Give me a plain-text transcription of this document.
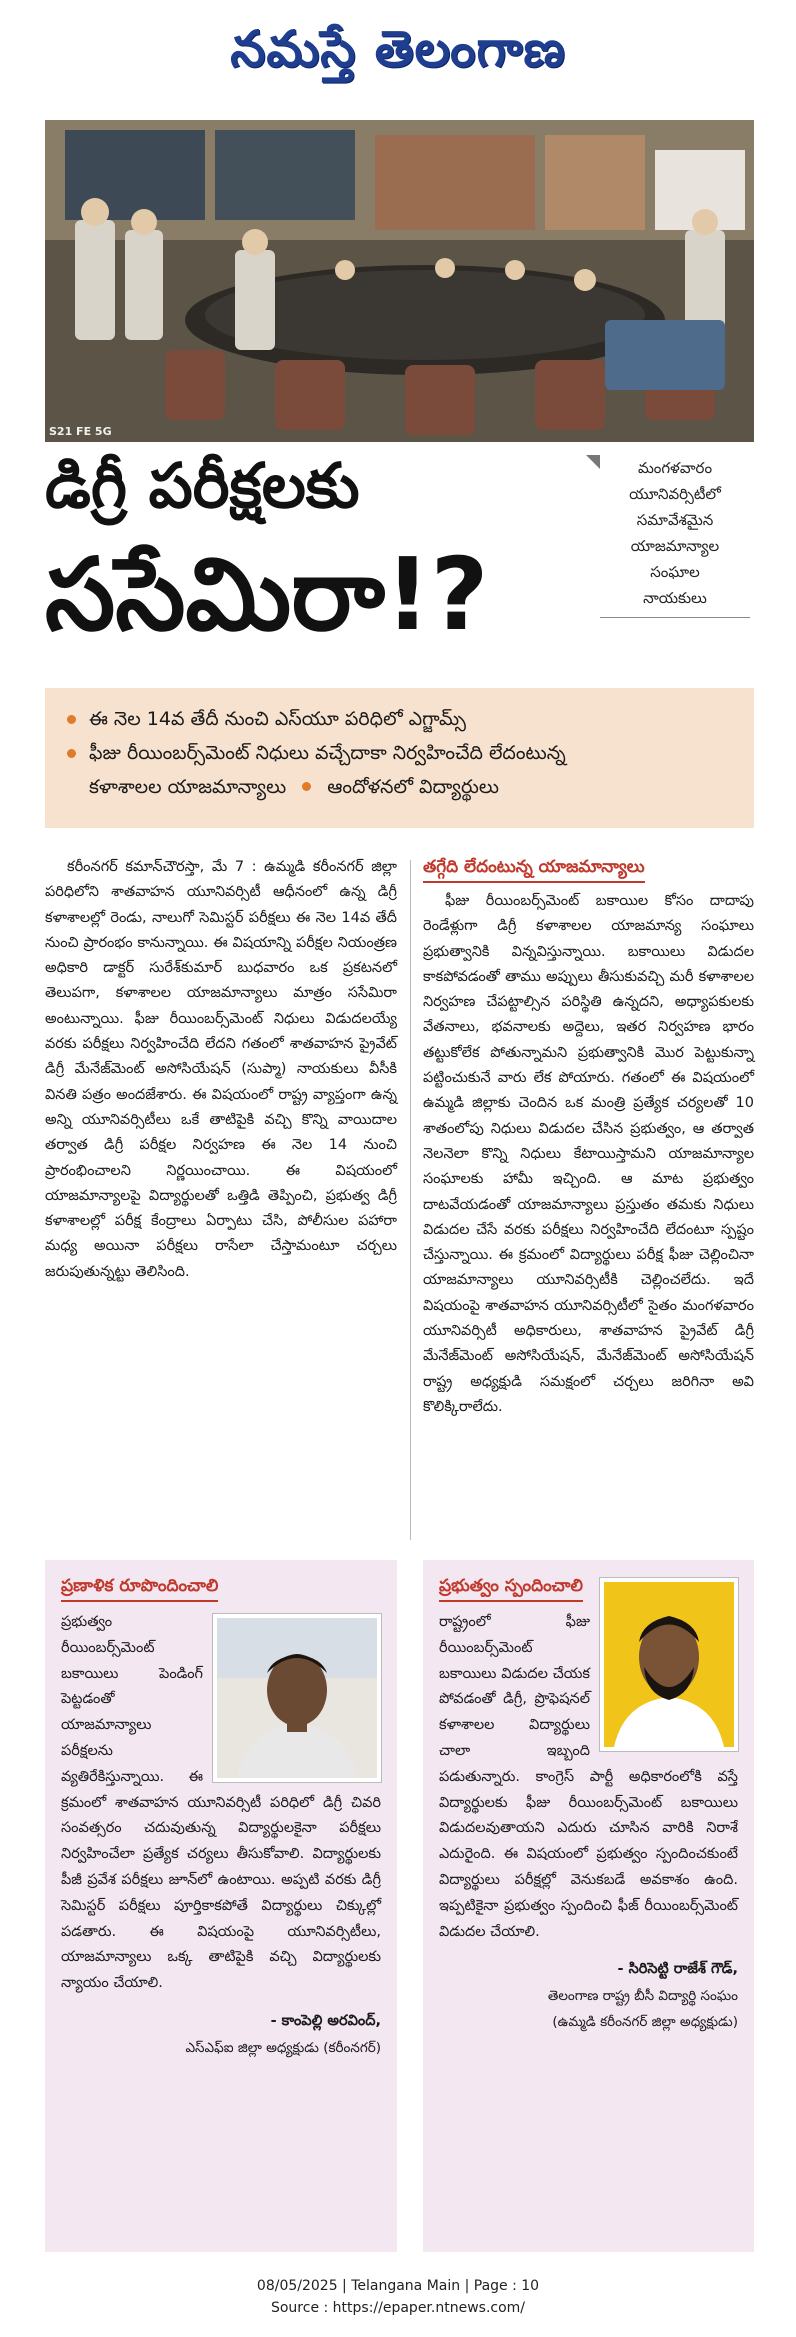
నమస్తే తెలంగాణ
S21 FE 5G
డిగ్రీ పరీక్షలకు
ససేమిరా!?
మంగళవారం
యూనివర్సిటీలో
సమావేశమైన
యాజమాన్యాల
సంఘాల
నాయకులు
ఈ నెల 14వ తేదీ నుంచి ఎస్‌యూ పరిధిలో ఎగ్జామ్స్
ఫీజు రీయింబర్స్‌మెంట్ నిధులు వచ్చేదాకా నిర్వహించేది లేదంటున్న
కళాశాలల యాజమాన్యాలు ఆందోళనలో విద్యార్థులు

కరీంనగర్ కమాన్‌చౌరస్తా, మే 7 : ఉమ్మడి కరీంనగర్ జిల్లా పరిధిలోని శాతవాహన యూనివర్సిటీ ఆధీనంలో ఉన్న డిగ్రీ కళాశాలల్లో రెండు, నాలుగో సెమిస్టర్ పరీక్షలు ఈ నెల 14వ తేదీ నుంచి ప్రారంభం కానున్నాయి. ఈ విషయాన్ని పరీక్షల నియంత్రణ అధికారి డాక్టర్ సురేశ్‌కుమార్ బుధవారం ఒక ప్రకటనలో తెలుపగా, కళాశాలల యాజమాన్యాలు మాత్రం ససేమిరా అంటున్నాయి. ఫీజు రీయింబర్స్‌మెంట్ నిధులు విడుదలయ్యే వరకు పరీక్షలు నిర్వహించేది లేదని గతంలో శాతవాహన ప్రైవేట్ డిగ్రీ మేనేజ్‌మెంట్ అసోసియేషన్ (సుప్మా) నాయకులు వీసీకి వినతి పత్రం అందజేశారు. ఈ విషయంలో రాష్ట్ర వ్యాప్తంగా ఉన్న అన్ని యూనివర్సిటీలు ఒకే తాటిపైకి వచ్చి కొన్ని వాయిదాల తర్వాత డిగ్రీ పరీక్షల నిర్వహణ ఈ నెల 14 నుంచి ప్రారంభించాలని నిర్ణయించాయి. ఈ విషయంలో యాజమాన్యాలపై విద్యార్థులతో ఒత్తిడి తెప్పించి, ప్రభుత్వ డిగ్రీ కళాశాలల్లో పరీక్ష కేంద్రాలు ఏర్పాటు చేసి, పోలీసుల పహారా మధ్య అయినా పరీక్షలు రాసేలా చేస్తామంటూ చర్చలు జరుపుతున్నట్టు తెలిసింది.

తగ్గేది లేదంటున్న యాజమాన్యాలు

ఫీజు రీయింబర్స్‌మెంట్ బకాయిల కోసం దాదాపు రెండేళ్లుగా డిగ్రీ కళాశాలల యాజమాన్య సంఘాలు ప్రభుత్వానికి విన్నవిస్తున్నాయి. బకాయిలు విడుదల కాకపోవడంతో తాము అప్పులు తీసుకువచ్చి మరీ కళాశాలల నిర్వహణ చేపట్టాల్సిన పరిస్థితి ఉన్నదని, అధ్యాపకులకు వేతనాలు, భవనాలకు అద్దెలు, ఇతర నిర్వహణ భారం తట్టుకోలేక పోతున్నామని ప్రభుత్వానికి మొర పెట్టుకున్నా పట్టించుకునే వారు లేక పోయారు. గతంలో ఈ విషయంలో ఉమ్మడి జిల్లాకు చెందిన ఒక మంత్రి ప్రత్యేక చర్యలతో 10 శాతంలోపు నిధులు విడుదల చేసిన ప్రభుత్వం, ఆ తర్వాత నెలనెలా కొన్ని నిధులు కేటాయిస్తామని యాజమాన్యాల సంఘాలకు హామీ ఇచ్చింది. ఆ మాట ప్రభుత్వం దాటవేయడంతో యాజమాన్యాలు ప్రస్తుతం తమకు నిధులు విడుదల చేసే వరకు పరీక్షలు నిర్వహించేది లేదంటూ స్పష్టం చేస్తున్నాయి. ఈ క్రమంలో విద్యార్థులు పరీక్ష ఫీజు చెల్లించినా యాజమాన్యాలు యూనివర్సిటీకి చెల్లించలేదు. ఇదే విషయంపై శాతవాహన యూనివర్సిటీలో సైతం మంగళవారం యూనివర్సిటీ అధికారులు, శాతవాహన ప్రైవేట్ డిగ్రీ మేనేజ్‌మెంట్ అసోసియేషన్, మేనేజ్‌మెంట్ అసోసియేషన్ రాష్ట్ర అధ్యక్షుడి సమక్షంలో చర్చలు జరిగినా అవి కొలిక్కిరాలేదు.

ప్రణాళిక రూపొందించాలి
ప్రభుత్వం రీయింబర్స్‌మెంట్ బకాయిలు పెండింగ్ పెట్టడంతో యాజమాన్యాలు పరీక్షలను వ్యతిరేకిస్తున్నాయి. ఈ క్రమంలో శాతవాహన యూనివర్సిటీ పరిధిలో డిగ్రీ చివరి సంవత్సరం చదువుతున్న విద్యార్థులకైనా పరీక్షలు నిర్వహించేలా ప్రత్యేక చర్యలు తీసుకోవాలి. విద్యార్థులకు పీజీ ప్రవేశ పరీక్షలు జూన్‌లో ఉంటాయి. అప్పటి వరకు డిగ్రీ సెమిస్టర్ పరీక్షలు పూర్తికాకపోతే విద్యార్థులు చిక్కుల్లో పడతారు. ఈ విషయంపై యూనివర్సిటీలు, యాజమాన్యాలు ఒక్క తాటిపైకి వచ్చి విద్యార్థులకు న్యాయం చేయాలి.
- కాంపెల్లి అరవింద్,
ఎస్ఎఫ్ఐ జిల్లా అధ్యక్షుడు (కరీంనగర్)
ప్రభుత్వం స్పందించాలి
రాష్ట్రంలో ఫీజు రీయింబర్స్‌మెంట్ బకాయిలు విడుదల చేయక పోవడంతో డిగ్రీ, ప్రొఫెషనల్ కళాశాలల విద్యార్థులు చాలా ఇబ్బంది పడుతున్నారు. కాంగ్రెస్ పార్టీ అధికారంలోకి వస్తే విద్యార్థులకు ఫీజు రీయింబర్స్‌మెంట్ బకాయిలు విడుదలవుతాయని ఎదురు చూసిన వారికి నిరాశే ఎదురైంది. ఈ విషయంలో ప్రభుత్వం స్పందించకుంటే విద్యార్థులు పరీక్షల్లో వెనుకబడే అవకాశం ఉంది. ఇప్పటికైనా ప్రభుత్వం స్పందించి ఫీజ్ రీయింబర్స్‌మెంట్ విడుదల చేయాలి.
- సిరిసెట్టి రాజేశ్ గౌడ్,
తెలంగాణ రాష్ట్ర బీసీ విద్యార్థి సంఘం
(ఉమ్మడి కరీంనగర్ జిల్లా అధ్యక్షుడు)
08/05/2025 | Telangana Main | Page : 10
Source : https://epaper.ntnews.com/
